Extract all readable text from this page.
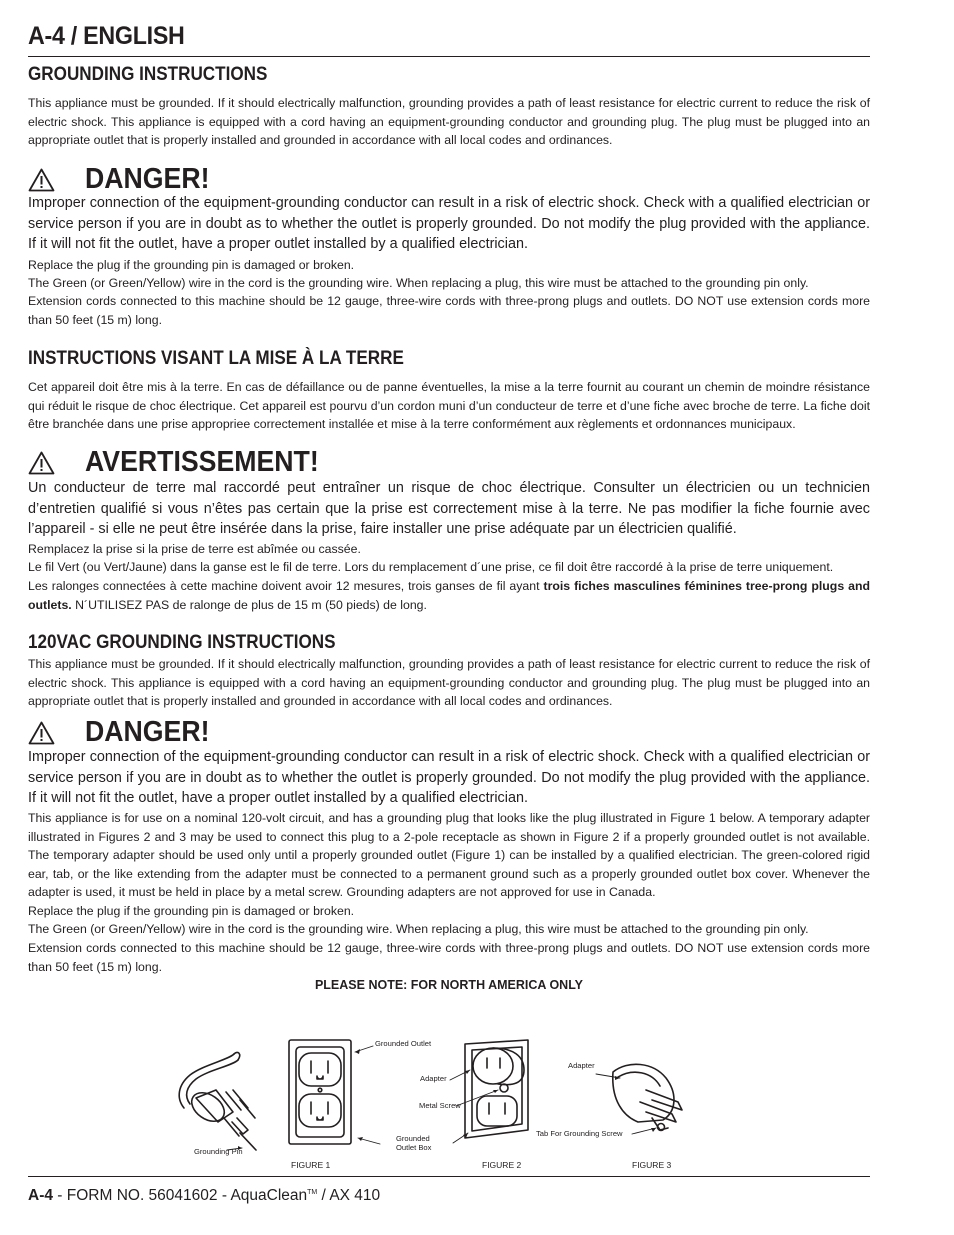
A-4 / ENGLISH
GROUNDING INSTRUCTIONS

This appliance must be grounded. If it should electrically malfunction, grounding provides a path of least resistance for electric current to reduce the risk of electric shock. This appliance is equipped with a cord having an equipment-grounding conductor and grounding plug. The plug must be plugged into an appropriate outlet that is properly installed and grounded in accordance with all local codes and ordinances.

DANGER!

Improper connection of the equipment-grounding conductor can result in a risk of electric shock. Check with a qualified electrician or service person if you are in doubt as to whether the outlet is properly grounded. Do not modify the plug provided with the appliance. If it will not fit the outlet, have a proper outlet installed by a qualified electrician.

Replace the plug if the grounding pin is damaged or broken.

The Green (or Green/Yellow) wire in the cord is the grounding wire. When replacing a plug, this wire must be attached to the grounding pin only.

Extension cords connected to this machine should be 12 gauge, three-wire cords with three-prong plugs and outlets. DO NOT use extension cords more than 50 feet (15 m) long.

INSTRUCTIONS VISANT LA MISE À LA TERRE

Cet appareil doit être mis à la terre. En cas de défaillance ou de panne éventuelles, la mise a la terre fournit au courant un chemin de moindre résistance qui réduit le risque de choc électrique. Cet appareil est pourvu d’un cordon muni d’un conducteur de terre et d’une fiche avec broche de terre. La fiche doit être branchée dans une prise appropriee correctement installée et mise à la terre conformément aux règlements et ordonnances municipaux.

AVERTISSEMENT!

Un conducteur de terre mal raccordé peut entraîner un risque de choc électrique. Consulter un électricien ou un technicien d’entretien qualifié si vous n’êtes pas certain que la prise est correctement mise à la terre. Ne pas modifier la fiche fournie avec l’appareil - si elle ne peut être insérée dans la prise, faire installer une prise adéquate par un électricien qualifié.

Remplacez la prise si la prise de terre est abîmée ou cassée.

Le fil Vert (ou Vert/Jaune) dans la ganse est le fil de terre. Lors du remplacement d´une prise, ce fil doit être raccordé à la prise de terre uniquement.

Les ralonges connectées à cette machine doivent avoir 12 mesures, trois ganses de fil ayant trois fiches masculines féminines tree-prong plugs and outlets. N´UTILISEZ PAS de ralonge de plus de 15 m (50 pieds) de long.

120VAC GROUNDING INSTRUCTIONS

This appliance must be grounded. If it should electrically malfunction, grounding provides a path of least resistance for electric current to reduce the risk of electric shock. This appliance is equipped with a cord having an equipment-grounding conductor and grounding plug. The plug must be plugged into an appropriate outlet that is properly installed and grounded in accordance with all local codes and ordinances.

DANGER!

Improper connection of the equipment-grounding conductor can result in a risk of electric shock. Check with a qualified electrician or service person if you are in doubt as to whether the outlet is properly grounded. Do not modify the plug provided with the appliance. If it will not fit the outlet, have a proper outlet installed by a qualified electrician.

This appliance is for use on a nominal 120-volt circuit, and has a grounding plug that looks like the plug illustrated in Figure 1 below. A temporary adapter illustrated in Figures 2 and 3 may be used to connect this plug to a 2-pole receptacle as shown in Figure 2 if a properly grounded outlet is not available. The temporary adapter should be used only until a properly grounded outlet (Figure 1) can be installed by a qualified electrician. The green-colored rigid ear, tab, or the like extending from the adapter must be connected to a permanent ground such as a properly grounded outlet box cover. Whenever the adapter is used, it must be held in place by a metal screw. Grounding adapters are not approved for use in Canada.

Replace the plug if the grounding pin is damaged or broken.

The Green (or Green/Yellow) wire in the cord is the grounding wire. When replacing a plug, this wire must be attached to the grounding pin only.

Extension cords connected to this machine should be 12 gauge, three-wire cords with three-prong plugs and outlets. DO NOT use extension cords more than 50 feet (15 m) long.

PLEASE NOTE: FOR NORTH AMERICA ONLY
Grounded Outlet
Grounded
Outlet Box
Grounding Pin
Adapter
Metal Screw
Adapter
Tab For Grounding Screw
FIGURE 1	FIGURE 2	FIGURE 3
A-4 - FORM NO. 56041602 - AquaClean™ / AX 410
